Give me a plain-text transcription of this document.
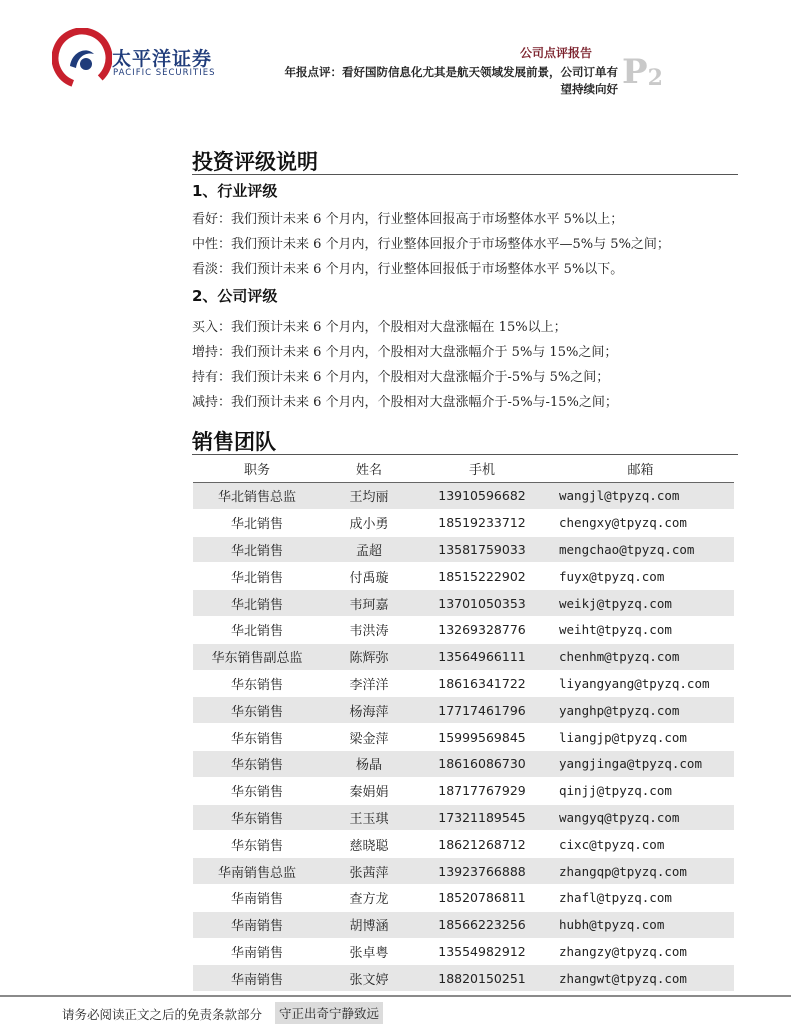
太平洋证券
PACIFIC SECURITIES
公司点评报告
年报点评：看好国防信息化尤其是航天领域发展前景，公司订单有
望持续向好 $P_2$
投资评级说明
1、行业评级
看好：我们预计未来 6 个月内，行业整体回报高于市场整体水平 5%以上；
中性：我们预计未来 6 个月内，行业整体回报介于市场整体水平—5%与 5%之间；
看淡：我们预计未来 6 个月内，行业整体回报低于市场整体水平 5%以下。
2、公司评级
买入：我们预计未来 6 个月内，个股相对大盘涨幅在 15%以上；
增持：我们预计未来 6 个月内，个股相对大盘涨幅介于 5%与 15%之间；
持有：我们预计未来 6 个月内，个股相对大盘涨幅介于-5%与 5%之间；
减持：我们预计未来 6 个月内，个股相对大盘涨幅介于-5%与-15%之间；
销售团队
职务	姓名	手机	邮箱
华北销售总监	王均丽	13910596682	wangjl@tpyzq.com
华北销售	成小勇	18519233712	chengxy@tpyzq.com
华北销售	孟超	13581759033	mengchao@tpyzq.com
华北销售	付禹璇	18515222902	fuyx@tpyzq.com
华北销售	韦珂嘉	13701050353	weikj@tpyzq.com
华北销售	韦洪涛	13269328776	weiht@tpyzq.com
华东销售副总监	陈辉弥	13564966111	chenhm@tpyzq.com
华东销售	李洋洋	18616341722	liyangyang@tpyzq.com
华东销售	杨海萍	17717461796	yanghp@tpyzq.com
华东销售	梁金萍	15999569845	liangjp@tpyzq.com
华东销售	杨晶	18616086730	yangjinga@tpyzq.com
华东销售	秦娟娟	18717767929	qinjj@tpyzq.com
华东销售	王玉琪	17321189545	wangyq@tpyzq.com
华东销售	慈晓聪	18621268712	cixc@tpyzq.com
华南销售总监	张茜萍	13923766888	zhangqp@tpyzq.com
华南销售	查方龙	18520786811	zhafl@tpyzq.com
华南销售	胡博涵	18566223256	hubh@tpyzq.com
华南销售	张卓粤	13554982912	zhangzy@tpyzq.com
华南销售	张文婷	18820150251	zhangwt@tpyzq.com
请务必阅读正文之后的免责条款部分	守正出奇宁静致远
